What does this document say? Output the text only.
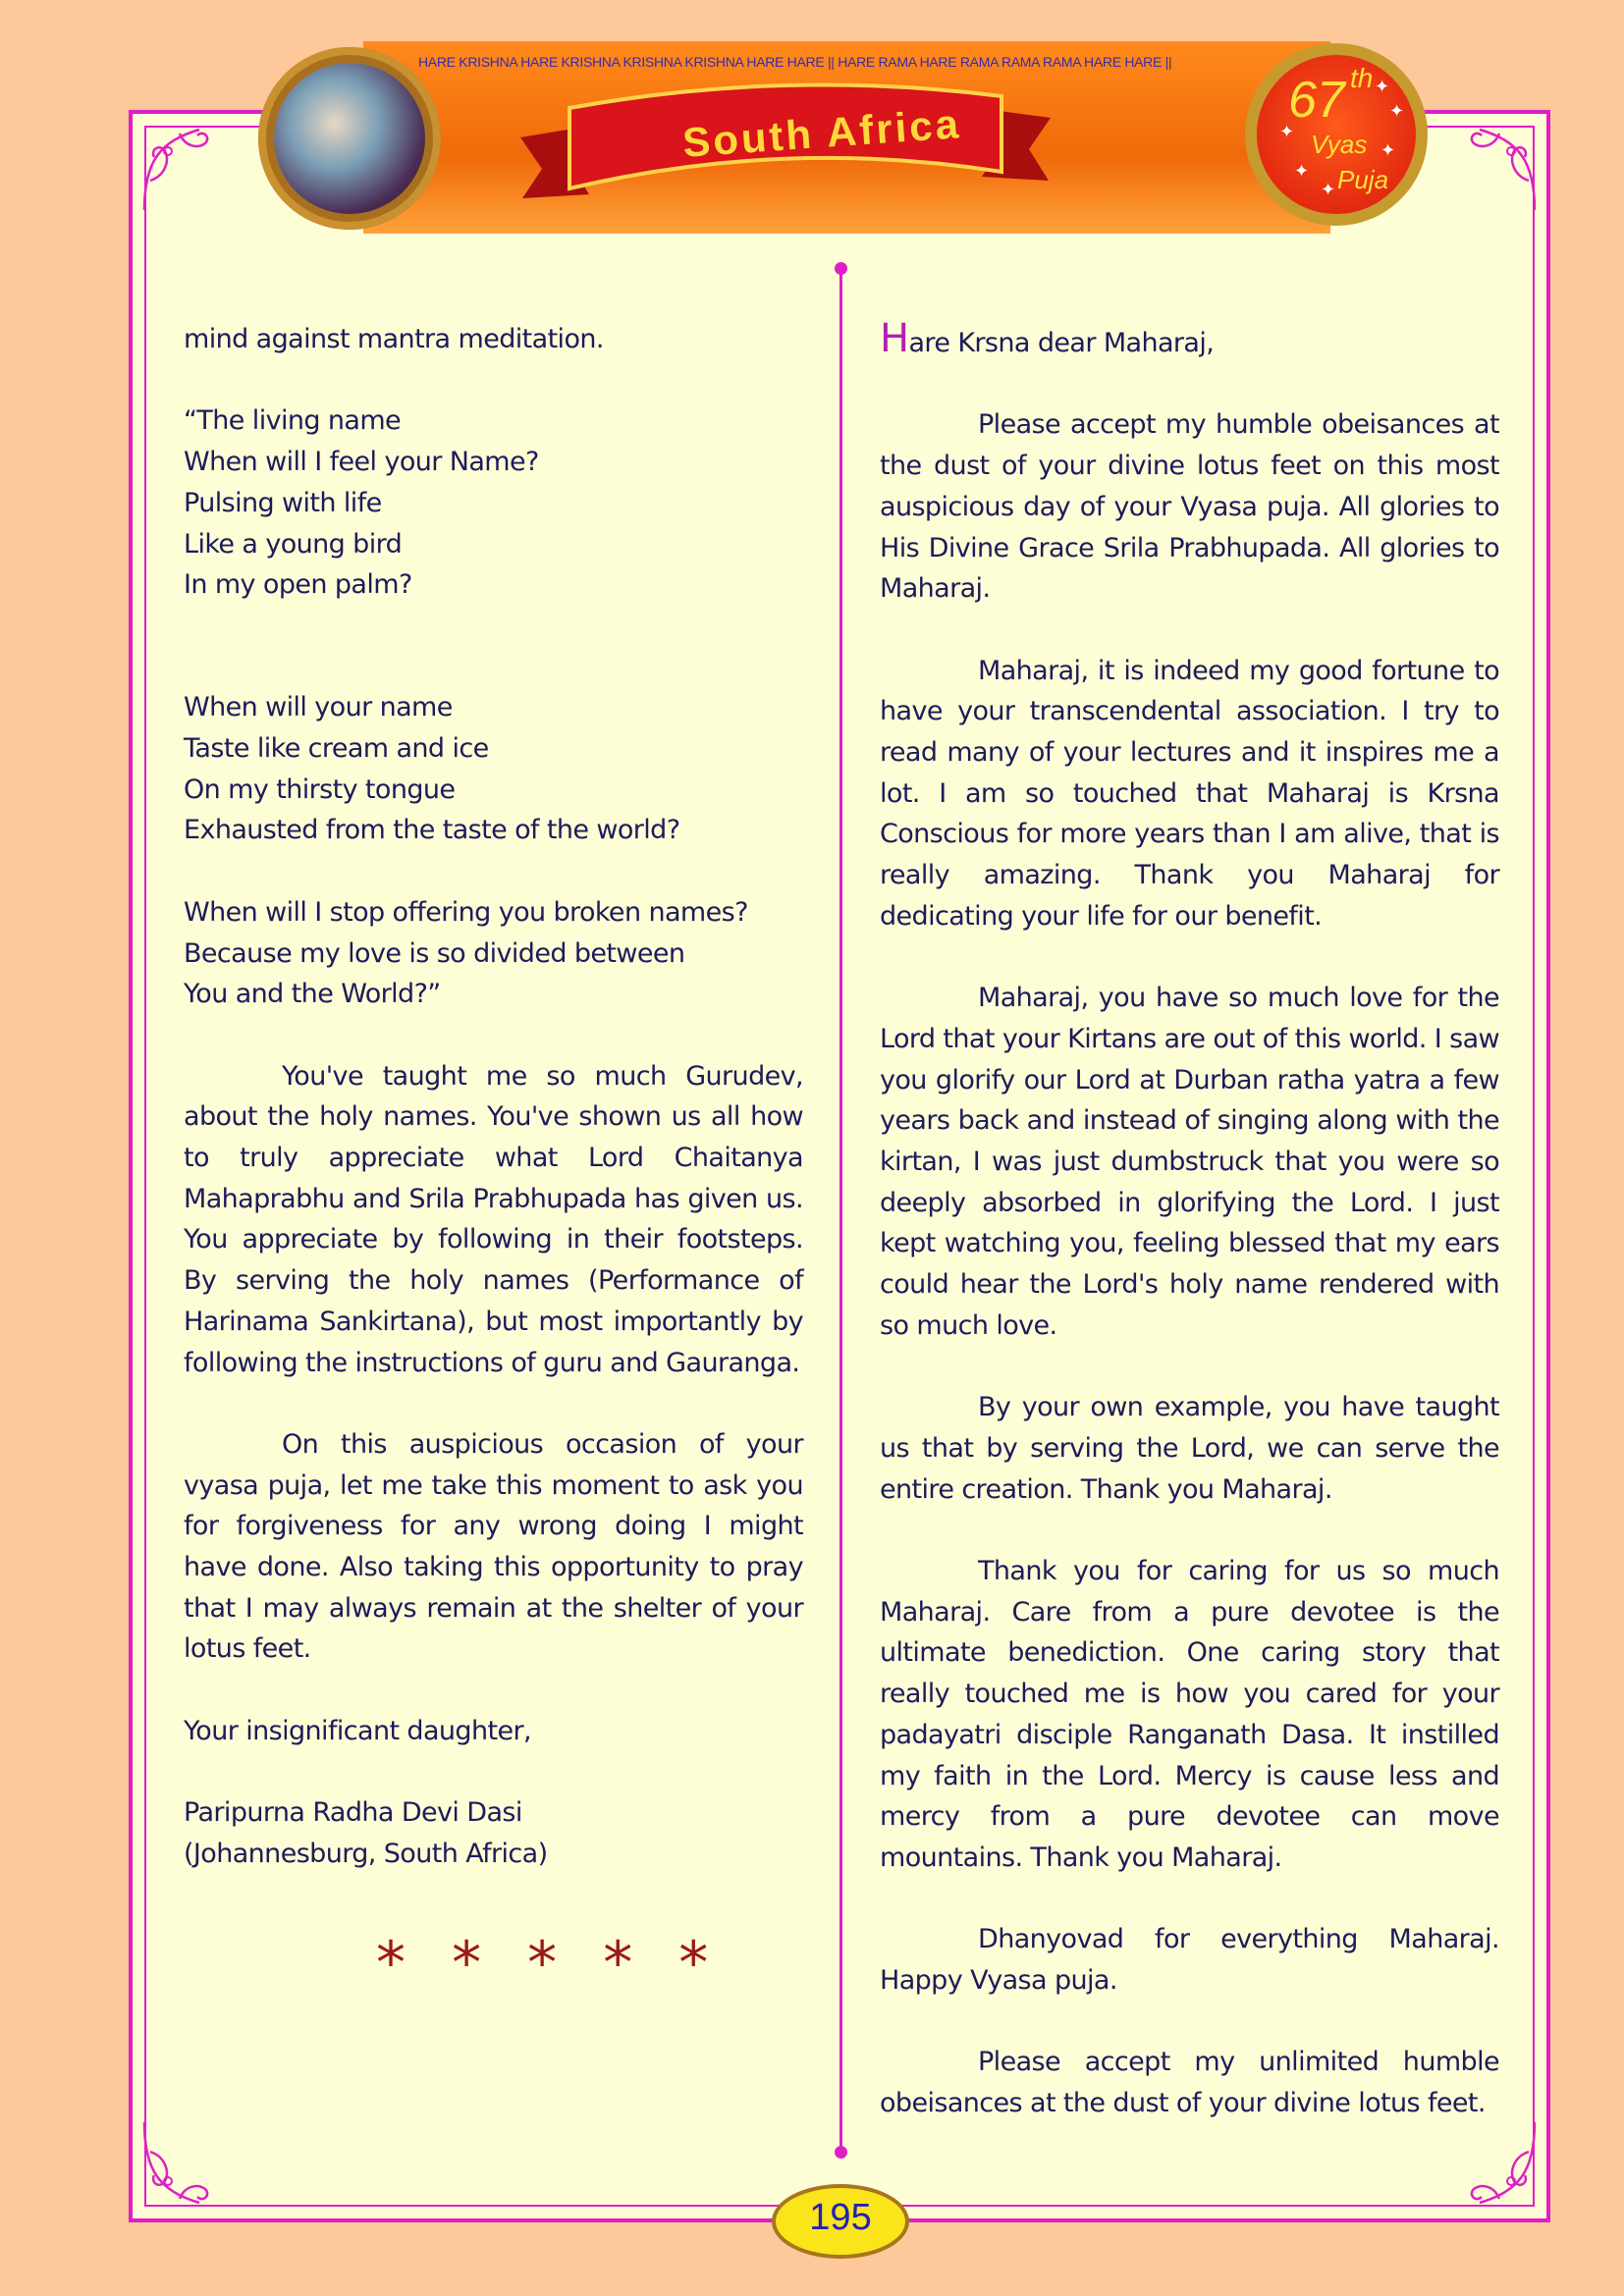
HARE KRISHNA HARE KRISHNA KRISHNA KRISHNA HARE HARE || HARE RAMA HARE RAMA RAMA RAMA HARE HARE ||
South Africa
67 th
Vyas
Puja
✦
✦
✦
✦
✦
✦

mind against mantra meditation.

“The living name

When will I feel your Name?

Pulsing with life

Like a young bird

In my open palm?

When will your name

Taste like cream and ice

On my thirsty tongue

Exhausted from the taste of the world?

When will I stop offering you broken names?

Because my love is so divided between

You and the World?”

You've taught me so much Gurudev, about the holy names. You've shown us all how to truly appreciate what Lord Chaitanya Mahaprabhu and Srila Prabhupada has given us. You appreciate by following in their footsteps. By serving the holy names (Performance of Harinama Sankirtana), but most importantly by following the instructions of guru and Gauranga.

On this auspicious occasion of your vyasa puja, let me take this moment to ask you for forgiveness for any wrong doing I might have done. Also taking this opportunity to pray that I may always remain at the shelter of your lotus feet.

Your insignificant daughter,

Paripurna Radha Devi Dasi

(Johannesburg, South Africa)

* * * * *

Hare Krsna dear Maharaj,

Please accept my humble obeisances at the dust of your divine lotus feet on this most auspicious day of your Vyasa puja. All glories to His Divine Grace Srila Prabhupada. All glories to Maharaj.

Maharaj, it is indeed my good fortune to have your transcendental association. I try to read many of your lectures and it inspires me a lot. I am so touched that Maharaj is Krsna Conscious for more years than I am alive, that is really amazing. Thank you Maharaj for dedicating your life for our benefit.

Maharaj, you have so much love for the Lord that your Kirtans are out of this world. I saw you glorify our Lord at Durban ratha yatra a few years back and instead of singing along with the kirtan, I was just dumbstruck that you were so deeply absorbed in glorifying the Lord. I just kept watching you, feeling blessed that my ears could hear the Lord's holy name rendered with so much love.

By your own example, you have taught us that by serving the Lord, we can serve the entire creation. Thank you Maharaj.

Thank you for caring for us so much Maharaj. Care from a pure devotee is the ultimate benediction. One caring story that really touched me is how you cared for your padayatri disciple Ranganath Dasa. It instilled my faith in the Lord. Mercy is cause less and mercy from a pure devotee can move mountains. Thank you Maharaj.

Dhanyovad for everything Maharaj. Happy Vyasa puja.

Please accept my unlimited humble obeisances at the dust of your divine lotus feet.

195
